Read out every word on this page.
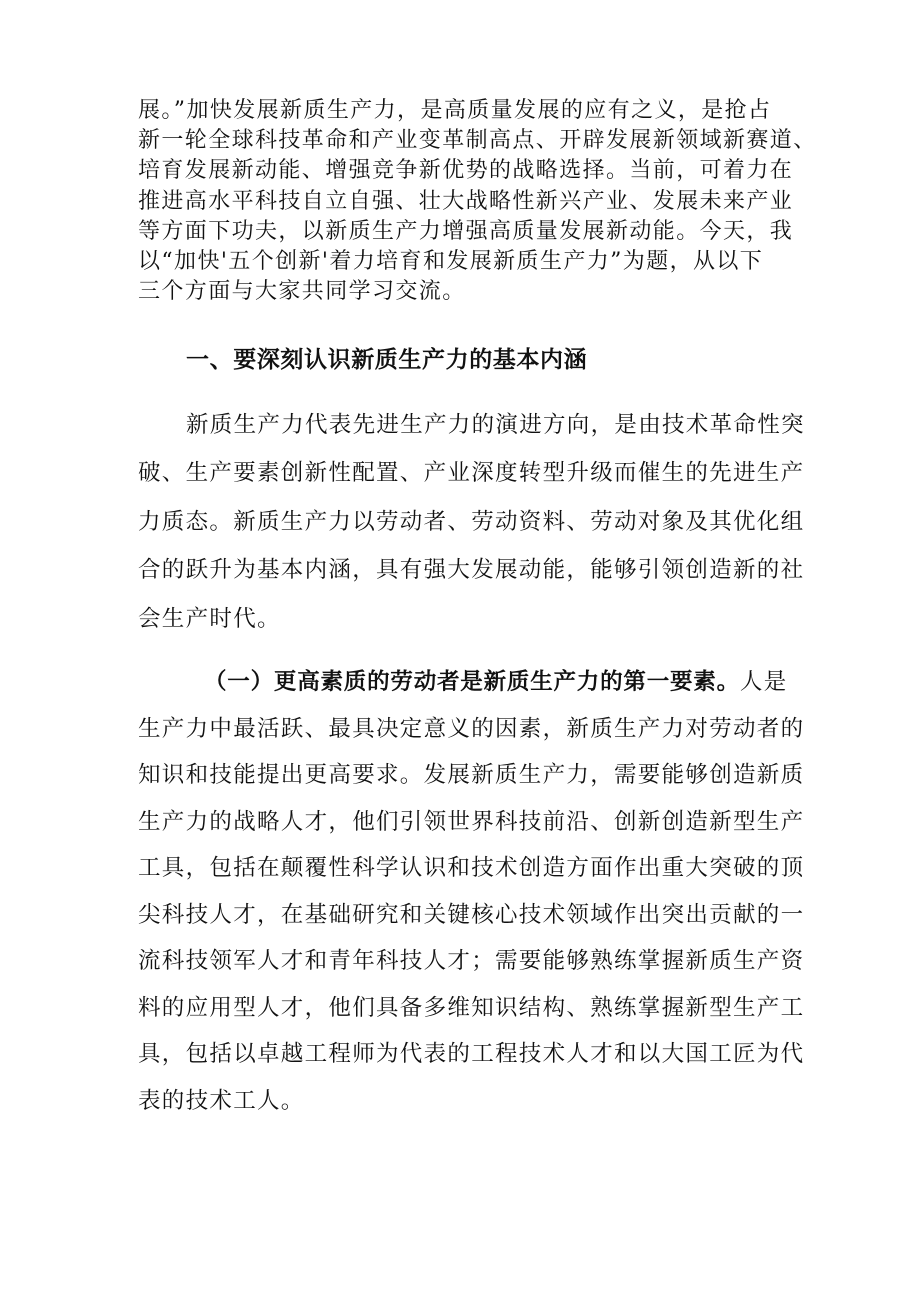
展。”加快发展新质生产力，是高质量发展的应有之义，是抢占
新一轮全球科技革命和产业变革制高点、开辟发展新领域新赛道、
培育发展新动能、增强竞争新优势的战略选择。当前，可着力在
推进高水平科技自立自强、壮大战略性新兴产业、发展未来产业
等方面下功夫，以新质生产力增强高质量发展新动能。今天，我
以“加快'五个创新'着力培育和发展新质生产力”为题，从以下
三个方面与大家共同学习交流。
一、要深刻认识新质生产力的基本内涵
新质生产力代表先进生产力的演进方向，是由技术革命性突
破、生产要素创新性配置、产业深度转型升级而催生的先进生产
力质态。新质生产力以劳动者、劳动资料、劳动对象及其优化组
合的跃升为基本内涵，具有强大发展动能，能够引领创造新的社
会生产时代。
（一）更高素质的劳动者是新质生产力的第一要素。人是
生产力中最活跃、最具决定意义的因素，新质生产力对劳动者的
知识和技能提出更高要求。发展新质生产力，需要能够创造新质
生产力的战略人才，他们引领世界科技前沿、创新创造新型生产
工具，包括在颠覆性科学认识和技术创造方面作出重大突破的顶
尖科技人才，在基础研究和关键核心技术领域作出突出贡献的一
流科技领军人才和青年科技人才；需要能够熟练掌握新质生产资
料的应用型人才，他们具备多维知识结构、熟练掌握新型生产工
具，包括以卓越工程师为代表的工程技术人才和以大国工匠为代
表的技术工人。
